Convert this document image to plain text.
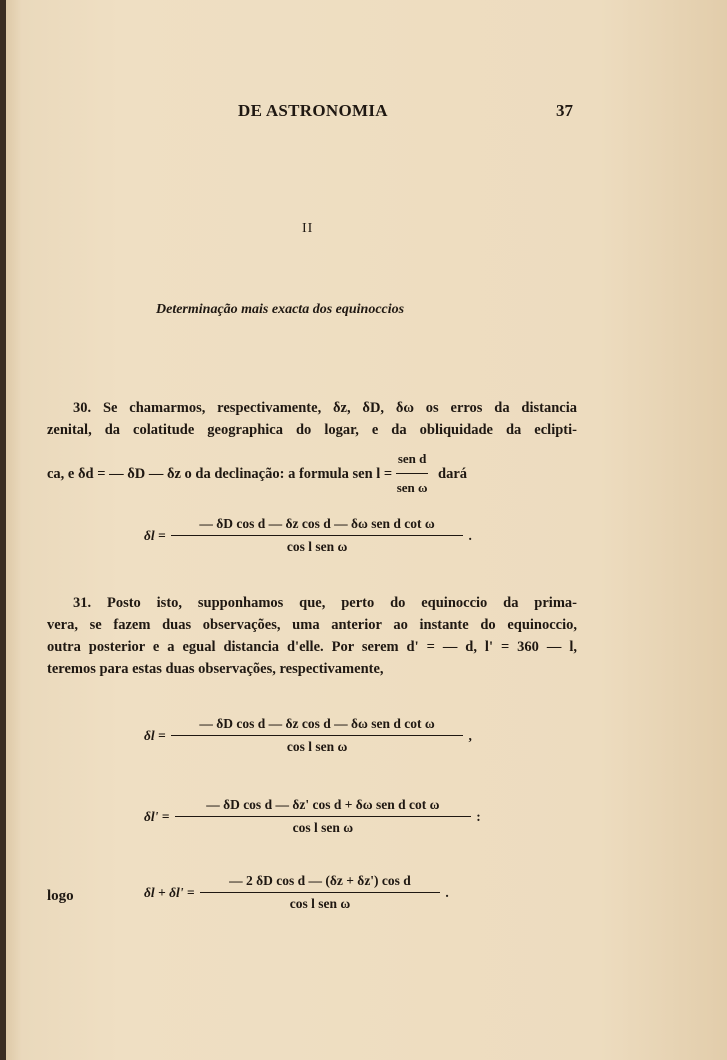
DE ASTRONOMIA	37
II
Determinação mais exacta dos equinoccios
30. Se chamarmos, respectivamente, δz, δD, δω os erros da distancia
zenital, da colatitude geographica do logar, e da obliquidade da eclipti-
ca, e δd = — δD — δz o da declinação: a formula sen $l = \frac{\text{sen d}}{\text{sen ω}}$ dará
$\delta l = \frac{\text{— δD cos d — δz cos d — δω sen d cot ω}}{\text{cos l sen ω}}$ .
31. Posto isto, supponhamos que, perto do equinoccio da prima-
vera, se fazem duas observações, uma anterior ao instante do equinoccio,
outra posterior e a egual distancia d'elle. Por serem d' = — d, l' = 360 — l,
teremos para estas duas observações, respectivamente,
$\delta l = \frac{\text{— δD cos d — δz cos d — δω sen d cot ω}}{\text{cos l sen ω}}$ ,
$\delta l' = \frac{\text{— δD cos d — δz' cos d + δω sen d cot ω}}{\text{cos l sen ω}}$ :
logo	$\delta l + \delta l' = \frac{\text{— 2 δD cos d — (δz + δz') cos d}}{\text{cos l sen ω}}$ .
